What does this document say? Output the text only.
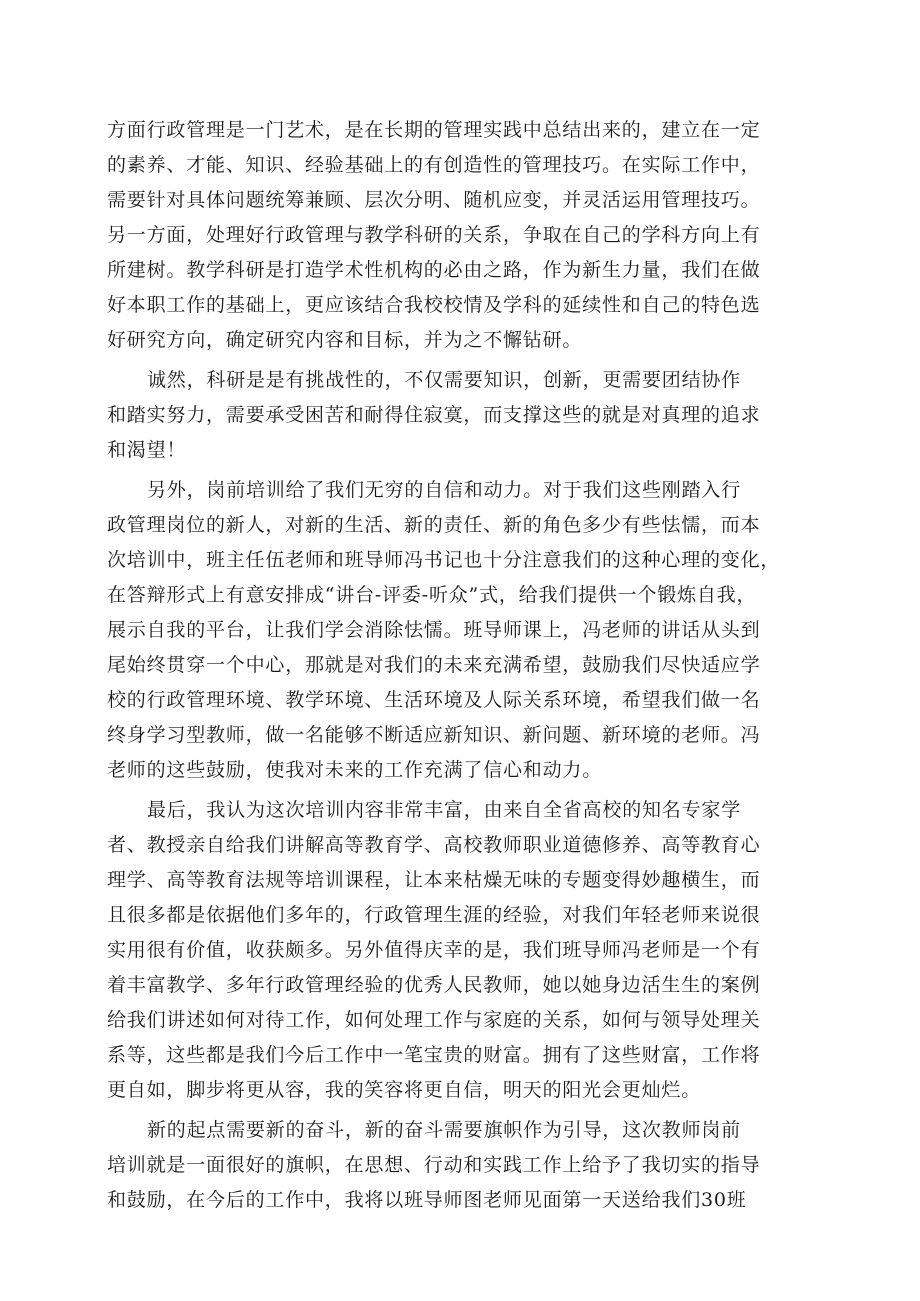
方面行政管理是一门艺术，是在长期的管理实践中总结出来的，建立在一定
的素养、才能、知识、经验基础上的有创造性的管理技巧。在实际工作中，
需要针对具体问题统筹兼顾、层次分明、随机应变，并灵活运用管理技巧。
另一方面，处理好行政管理与教学科研的关系，争取在自己的学科方向上有
所建树。教学科研是打造学术性机构的必由之路，作为新生力量，我们在做
好本职工作的基础上，更应该结合我校校情及学科的延续性和自己的特色选
好研究方向，确定研究内容和目标，并为之不懈钻研。
诚然，科研是是有挑战性的，不仅需要知识，创新，更需要团结协作
和踏实努力，需要承受困苦和耐得住寂寞，而支撑这些的就是对真理的追求
和渴望！
另外，岗前培训给了我们无穷的自信和动力。对于我们这些刚踏入行
政管理岗位的新人，对新的生活、新的责任、新的角色多少有些怯懦，而本
次培训中，班主任伍老师和班导师冯书记也十分注意我们的这种心理的变化，
在答辩形式上有意安排成“讲台-评委-听众”式，给我们提供一个锻炼自我，
展示自我的平台，让我们学会消除怯懦。班导师课上，冯老师的讲话从头到
尾始终贯穿一个中心，那就是对我们的未来充满希望，鼓励我们尽快适应学
校的行政管理环境、教学环境、生活环境及人际关系环境，希望我们做一名
终身学习型教师，做一名能够不断适应新知识、新问题、新环境的老师。冯
老师的这些鼓励，使我对未来的工作充满了信心和动力。
最后，我认为这次培训内容非常丰富，由来自全省高校的知名专家学
者、教授亲自给我们讲解高等教育学、高校教师职业道德修养、高等教育心
理学、高等教育法规等培训课程，让本来枯燥无味的专题变得妙趣横生，而
且很多都是依据他们多年的，行政管理生涯的经验，对我们年轻老师来说很
实用很有价值，收获颇多。另外值得庆幸的是，我们班导师冯老师是一个有
着丰富教学、多年行政管理经验的优秀人民教师，她以她身边活生生的案例
给我们讲述如何对待工作，如何处理工作与家庭的关系，如何与领导处理关
系等，这些都是我们今后工作中一笔宝贵的财富。拥有了这些财富，工作将
更自如，脚步将更从容，我的笑容将更自信，明天的阳光会更灿烂。
新的起点需要新的奋斗，新的奋斗需要旗帜作为引导，这次教师岗前
培训就是一面很好的旗帜，在思想、行动和实践工作上给予了我切实的指导
和鼓励，在今后的工作中，我将以班导师图老师见面第一天送给我们30班
